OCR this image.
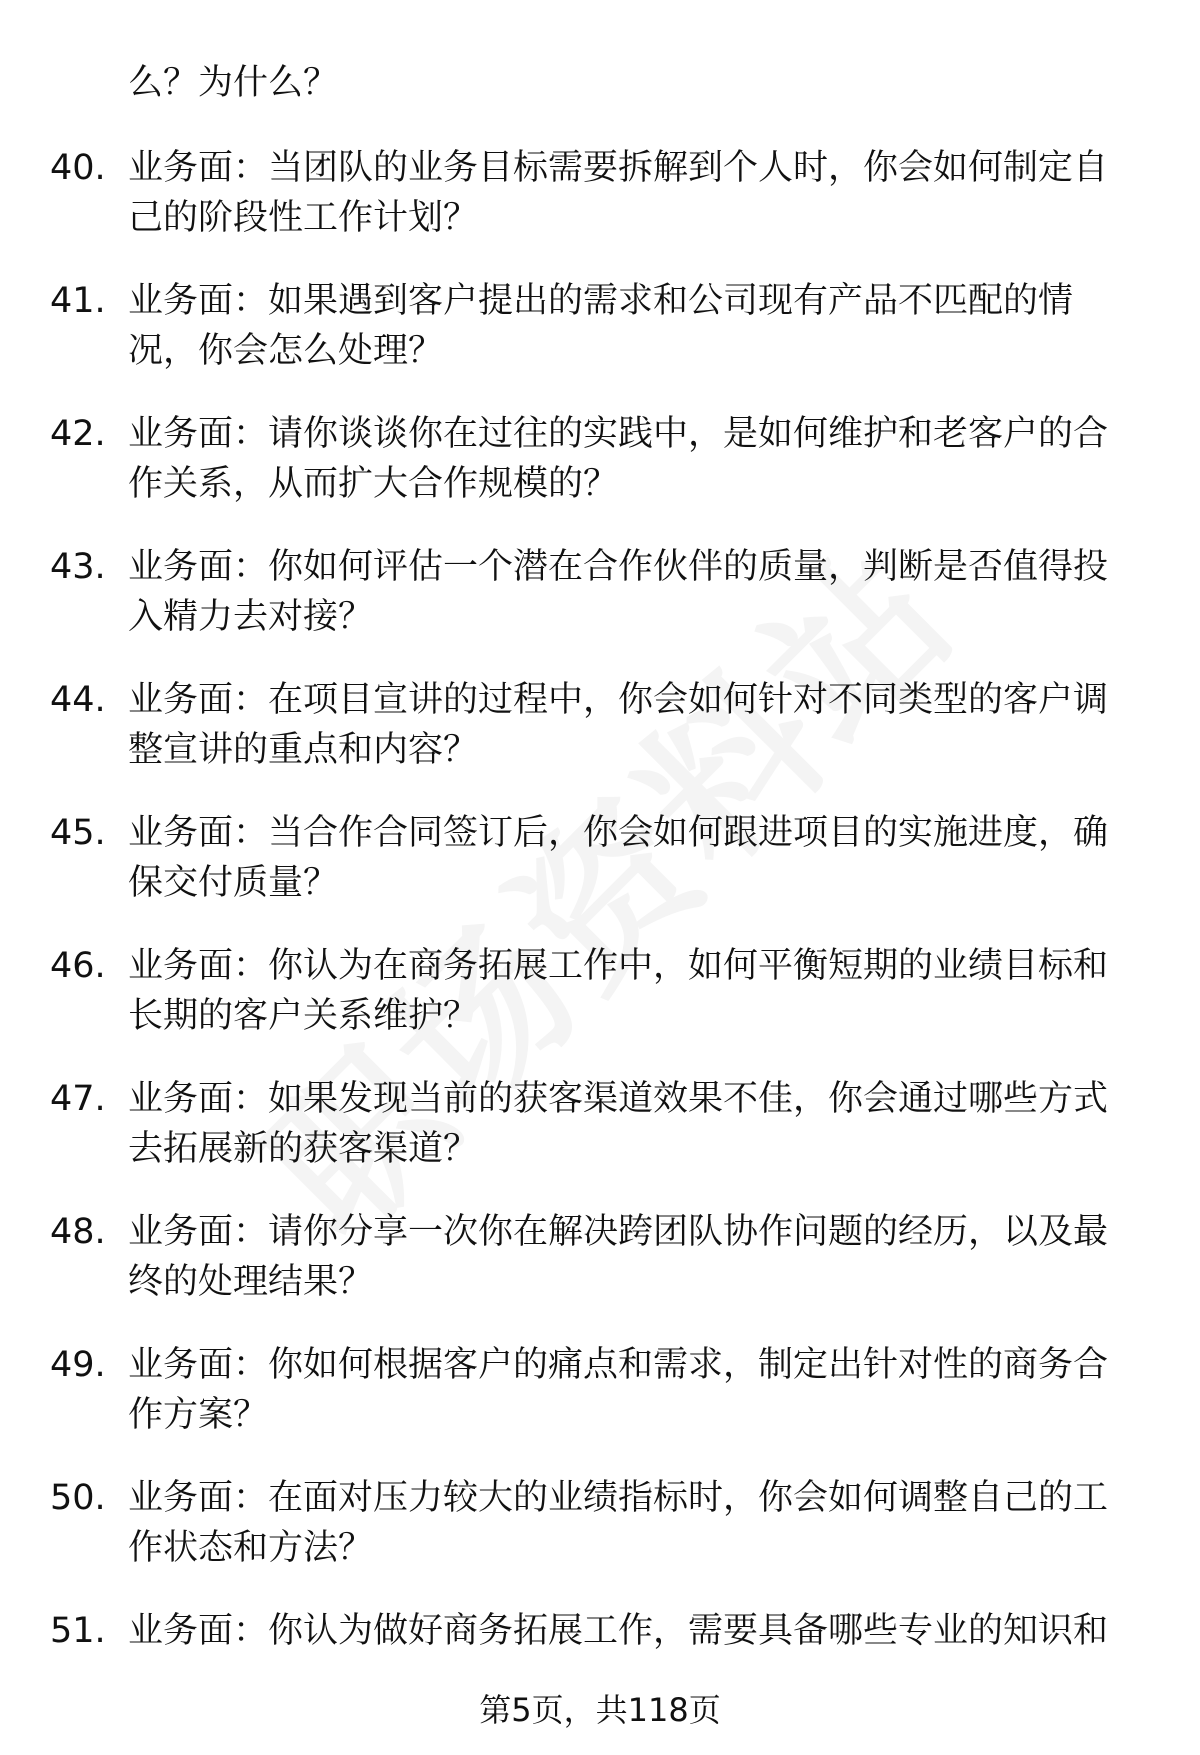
么？为什么？
40. 业务面：当团队的业务目标需要拆解到个人时，你会如何制定自己的阶段性工作计划？
41. 业务面：如果遇到客户提出的需求和公司现有产品不匹配的情况，你会怎么处理？
42. 业务面：请你谈谈你在过往的实践中，是如何维护和老客户的合作关系，从而扩大合作规模的？
43. 业务面：你如何评估一个潜在合作伙伴的质量，判断是否值得投入精力去对接？
44. 业务面：在项目宣讲的过程中，你会如何针对不同类型的客户调整宣讲的重点和内容？
45. 业务面：当合作合同签订后，你会如何跟进项目的实施进度，确保交付质量？
46. 业务面：你认为在商务拓展工作中，如何平衡短期的业绩目标和长期的客户关系维护？
47. 业务面：如果发现当前的获客渠道效果不佳，你会通过哪些方式去拓展新的获客渠道？
48. 业务面：请你分享一次你在解决跨团队协作问题的经历，以及最终的处理结果？
49. 业务面：你如何根据客户的痛点和需求，制定出针对性的商务合作方案？
50. 业务面：在面对压力较大的业绩指标时，你会如何调整自己的工作状态和方法？
51. 业务面：你认为做好商务拓展工作，需要具备哪些专业的知识和
第5页，共118页
